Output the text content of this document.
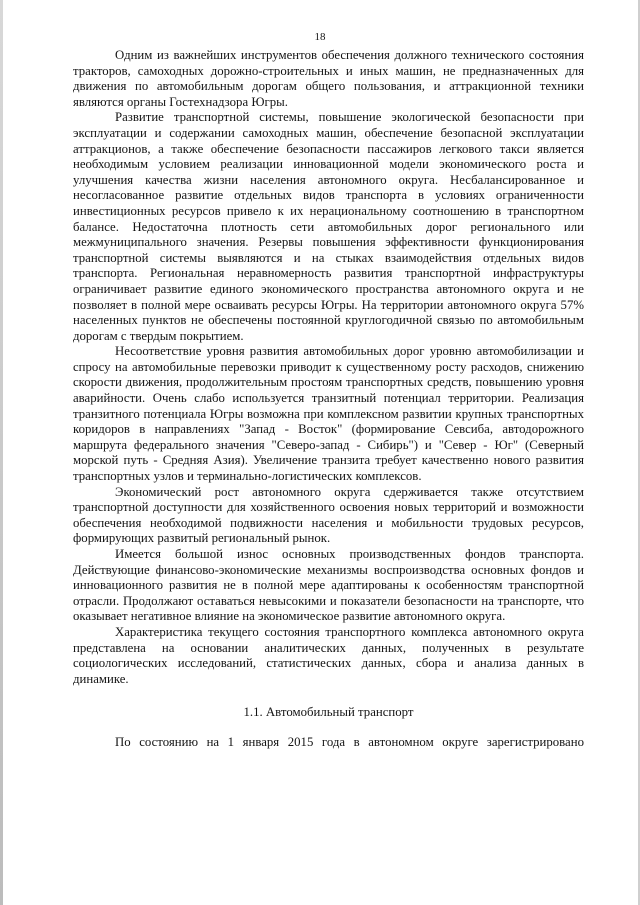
18

Одним из важнейших инструментов обеспечения должного технического состояния тракторов, самоходных дорожно-строительных и иных машин, не предназначенных для движения по автомобильным дорогам общего пользования, и аттракционной техники являются органы Гостехнадзора Югры.

Развитие транспортной системы, повышение экологической безопасности при эксплуатации и содержании самоходных машин, обеспечение безопасной эксплуатации аттракционов, а также обеспечение безопасности пассажиров легкового такси является необходимым условием реализации инновационной модели экономического роста и улучшения качества жизни населения автономного округа. Несбалансированное и несогласованное развитие отдельных видов транспорта в условиях ограниченности инвестиционных ресурсов привело к их нерациональному соотношению в транспортном балансе. Недостаточна плотность сети автомобильных дорог регионального или межмуниципального значения. Резервы повышения эффективности функционирования транспортной системы выявляются и на стыках взаимодействия отдельных видов транспорта. Региональная неравномерность развития транспортной инфраструктуры ограничивает развитие единого экономического пространства автономного округа и не позволяет в полной мере осваивать ресурсы Югры. На территории автономного округа 57% населенных пунктов не обеспечены постоянной круглогодичной связью по автомобильным дорогам с твердым покрытием.

Несоответствие уровня развития автомобильных дорог уровню автомобилизации и спросу на автомобильные перевозки приводит к существенному росту расходов, снижению скорости движения, продолжительным простоям транспортных средств, повышению уровня аварийности. Очень слабо используется транзитный потенциал территории. Реализация транзитного потенциала Югры возможна при комплексном развитии крупных транспортных коридоров в направлениях "Запад - Восток" (формирование Севсиба, автодорожного маршрута федерального значения "Северо-запад - Сибирь") и "Север - Юг" (Северный морской путь - Средняя Азия). Увеличение транзита требует качественно нового развития транспортных узлов и терминально-логистических комплексов.

Экономический рост автономного округа сдерживается также отсутствием транспортной доступности для хозяйственного освоения новых территорий и возможности обеспечения необходимой подвижности населения и мобильности трудовых ресурсов, формирующих развитый региональный рынок.

Имеется большой износ основных производственных фондов транспорта. Действующие финансово-экономические механизмы воспроизводства основных фондов и инновационного развития не в полной мере адаптированы к особенностям транспортной отрасли. Продолжают оставаться невысокими и показатели безопасности на транспорте, что оказывает негативное влияние на экономическое развитие автономного округа.

Характеристика текущего состояния транспортного комплекса автономного округа представлена на основании аналитических данных, полученных в результате социологических исследований, статистических данных, сбора и анализа данных в динамике.

1.1. Автомобильный транспорт

По состоянию на 1 января 2015 года в автономном округе зарегистрировано
